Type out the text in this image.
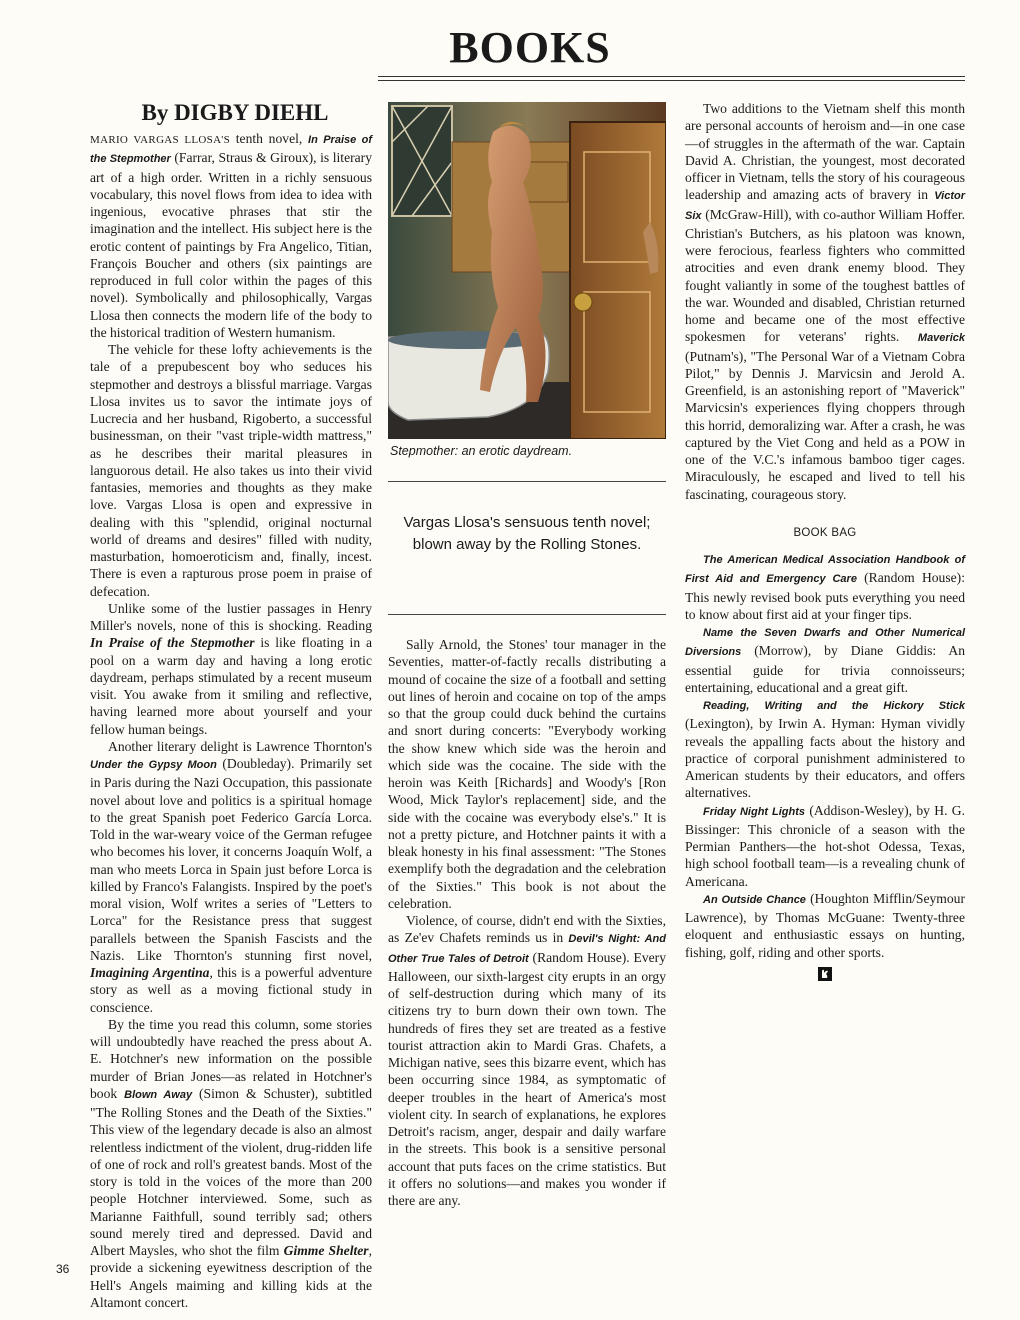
BOOKS
By DIGBY DIEHL

MARIO VARGAS LLOSA'S tenth novel, In Praise of the Stepmother (Farrar, Straus & Giroux), is literary art of a high order. Written in a richly sensuous vocabulary, this novel flows from idea to idea with ingenious, evocative phrases that stir the imagination and the intellect. His subject here is the erotic content of paintings by Fra Angelico, Titian, François Boucher and others (six paintings are reproduced in full color within the pages of this novel). Symbolically and philosophically, Vargas Llosa then connects the modern life of the body to the historical tradition of Western humanism.

The vehicle for these lofty achievements is the tale of a prepubescent boy who seduces his stepmother and destroys a blissful marriage. Vargas Llosa invites us to savor the intimate joys of Lucrecia and her husband, Rigoberto, a successful businessman, on their "vast triple-width mattress," as he describes their marital pleasures in languorous detail. He also takes us into their vivid fantasies, memories and thoughts as they make love. Vargas Llosa is open and expressive in dealing with this "splendid, original nocturnal world of dreams and desires" filled with nudity, masturbation, homoeroticism and, finally, incest. There is even a rapturous prose poem in praise of defecation.

Unlike some of the lustier passages in Henry Miller's novels, none of this is shocking. Reading In Praise of the Stepmother is like floating in a pool on a warm day and having a long erotic daydream, perhaps stimulated by a recent museum visit. You awake from it smiling and reflective, having learned more about yourself and your fellow human beings.

Another literary delight is Lawrence Thornton's Under the Gypsy Moon (Doubleday). Primarily set in Paris during the Nazi Occupation, this passionate novel about love and politics is a spiritual homage to the great Spanish poet Federico García Lorca. Told in the war-weary voice of the German refugee who becomes his lover, it concerns Joaquín Wolf, a man who meets Lorca in Spain just before Lorca is killed by Franco's Falangists. Inspired by the poet's moral vision, Wolf writes a series of "Letters to Lorca" for the Resistance press that suggest parallels between the Spanish Fascists and the Nazis. Like Thornton's stunning first novel, Imagining Argentina, this is a powerful adventure story as well as a moving fictional study in conscience.

By the time you read this column, some stories will undoubtedly have reached the press about A. E. Hotchner's new information on the possible murder of Brian Jones—as related in Hotchner's book Blown Away (Simon & Schuster), subtitled "The Rolling Stones and the Death of the Sixties." This view of the legendary decade is also an almost relentless indictment of the violent, drug-ridden life of one of rock and roll's greatest bands. Most of the story is told in the voices of the more than 200 people Hotchner interviewed. Some, such as Marianne Faithfull, sound terribly sad; others sound merely tired and depressed. David and Albert Maysles, who shot the film Gimme Shelter, provide a sickening eyewitness description of the Hell's Angels maiming and killing kids at the Altamont concert.

Stepmother: an erotic daydream.
Vargas Llosa's sensuous tenth novel; blown away by the Rolling Stones.

Sally Arnold, the Stones' tour manager in the Seventies, matter-of-factly recalls distributing a mound of cocaine the size of a football and setting out lines of heroin and cocaine on top of the amps so that the group could duck behind the curtains and snort during concerts: "Everybody working the show knew which side was the heroin and which side was the cocaine. The side with the heroin was Keith [Richards] and Woody's [Ron Wood, Mick Taylor's replacement] side, and the side with the cocaine was everybody else's." It is not a pretty picture, and Hotchner paints it with a bleak honesty in his final assessment: "The Stones exemplify both the degradation and the celebration of the Sixties." This book is not about the celebration.

Violence, of course, didn't end with the Sixties, as Ze'ev Chafets reminds us in Devil's Night: And Other True Tales of Detroit (Random House). Every Halloween, our sixth-largest city erupts in an orgy of self-destruction during which many of its citizens try to burn down their own town. The hundreds of fires they set are treated as a festive tourist attraction akin to Mardi Gras. Chafets, a Michigan native, sees this bizarre event, which has been occurring since 1984, as symptomatic of deeper troubles in the heart of America's most violent city. In search of explanations, he explores Detroit's racism, anger, despair and daily warfare in the streets. This book is a sensitive personal account that puts faces on the crime statistics. But it offers no solutions—and makes you wonder if there are any.

Two additions to the Vietnam shelf this month are personal accounts of heroism and—in one case—of struggles in the aftermath of the war. Captain David A. Christian, the youngest, most decorated officer in Vietnam, tells the story of his courageous leadership and amazing acts of bravery in Victor Six (McGraw-Hill), with co-author William Hoffer. Christian's Butchers, as his platoon was known, were ferocious, fearless fighters who committed atrocities and even drank enemy blood. They fought valiantly in some of the toughest battles of the war. Wounded and disabled, Christian returned home and became one of the most effective spokesmen for veterans' rights. Maverick (Putnam's), "The Personal War of a Vietnam Cobra Pilot," by Dennis J. Marvicsin and Jerold A. Greenfield, is an astonishing report of "Maverick" Marvicsin's experiences flying choppers through this horrid, demoralizing war. After a crash, he was captured by the Viet Cong and held as a POW in one of the V.C.'s infamous bamboo tiger cages. Miraculously, he escaped and lived to tell his fascinating, courageous story.

BOOK BAG

The American Medical Association Handbook of First Aid and Emergency Care (Random House): This newly revised book puts everything you need to know about first aid at your finger tips.

Name the Seven Dwarfs and Other Numerical Diversions (Morrow), by Diane Giddis: An essential guide for trivia connoisseurs; entertaining, educational and a great gift.

Reading, Writing and the Hickory Stick (Lexington), by Irwin A. Hyman: Hyman vividly reveals the appalling facts about the history and practice of corporal punishment administered to American students by their educators, and offers alternatives.

Friday Night Lights (Addison-Wesley), by H. G. Bissinger: This chronicle of a season with the Permian Panthers—the hot-shot Odessa, Texas, high school football team—is a revealing chunk of Americana.

An Outside Chance (Houghton Mifflin/Seymour Lawrence), by Thomas McGuane: Twenty-three eloquent and enthusiastic essays on hunting, fishing, golf, riding and other sports.

36
